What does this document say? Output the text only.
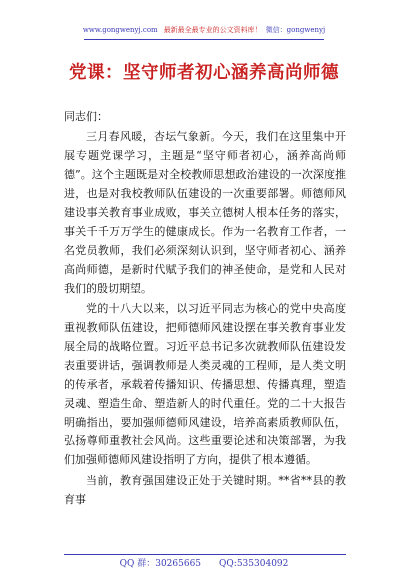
www.gongwenyj.com 最新最全最专业的公文资料库！ 微信：gongwenyj
党课：坚守师者初心涵养高尚师德

同志们：

三月春风暖，杏坛气象新。今天，我们在这里集中开展专题党课学习，主题是“坚守师者初心，涵养高尚师德”。这个主题既是对全校教师思想政治建设的一次深度推进，也是对我校教师队伍建设的一次重要部署。师德师风建设事关教育事业成败，事关立德树人根本任务的落实，事关千千万万学生的健康成长。作为一名教育工作者，一名党员教师，我们必须深刻认识到，坚守师者初心、涵养高尚师德，是新时代赋予我们的神圣使命，是党和人民对我们的殷切期望。

党的十八大以来，以习近平同志为核心的党中央高度重视教师队伍建设，把师德师风建设摆在事关教育事业发展全局的战略位置。习近平总书记多次就教师队伍建设发表重要讲话，强调教师是人类灵魂的工程师，是人类文明的传承者，承载着传播知识、传播思想、传播真理，塑造灵魂、塑造生命、塑造新人的时代重任。党的二十大报告明确指出，要加强师德师风建设，培养高素质教师队伍，弘扬尊师重教社会风尚。这些重要论述和决策部署，为我们加强师德师风建设指明了方向，提供了根本遵循。

当前，教育强国建设正处于关键时期。**省**县的教育事

QQ 群：30265665 QQ:535304092
